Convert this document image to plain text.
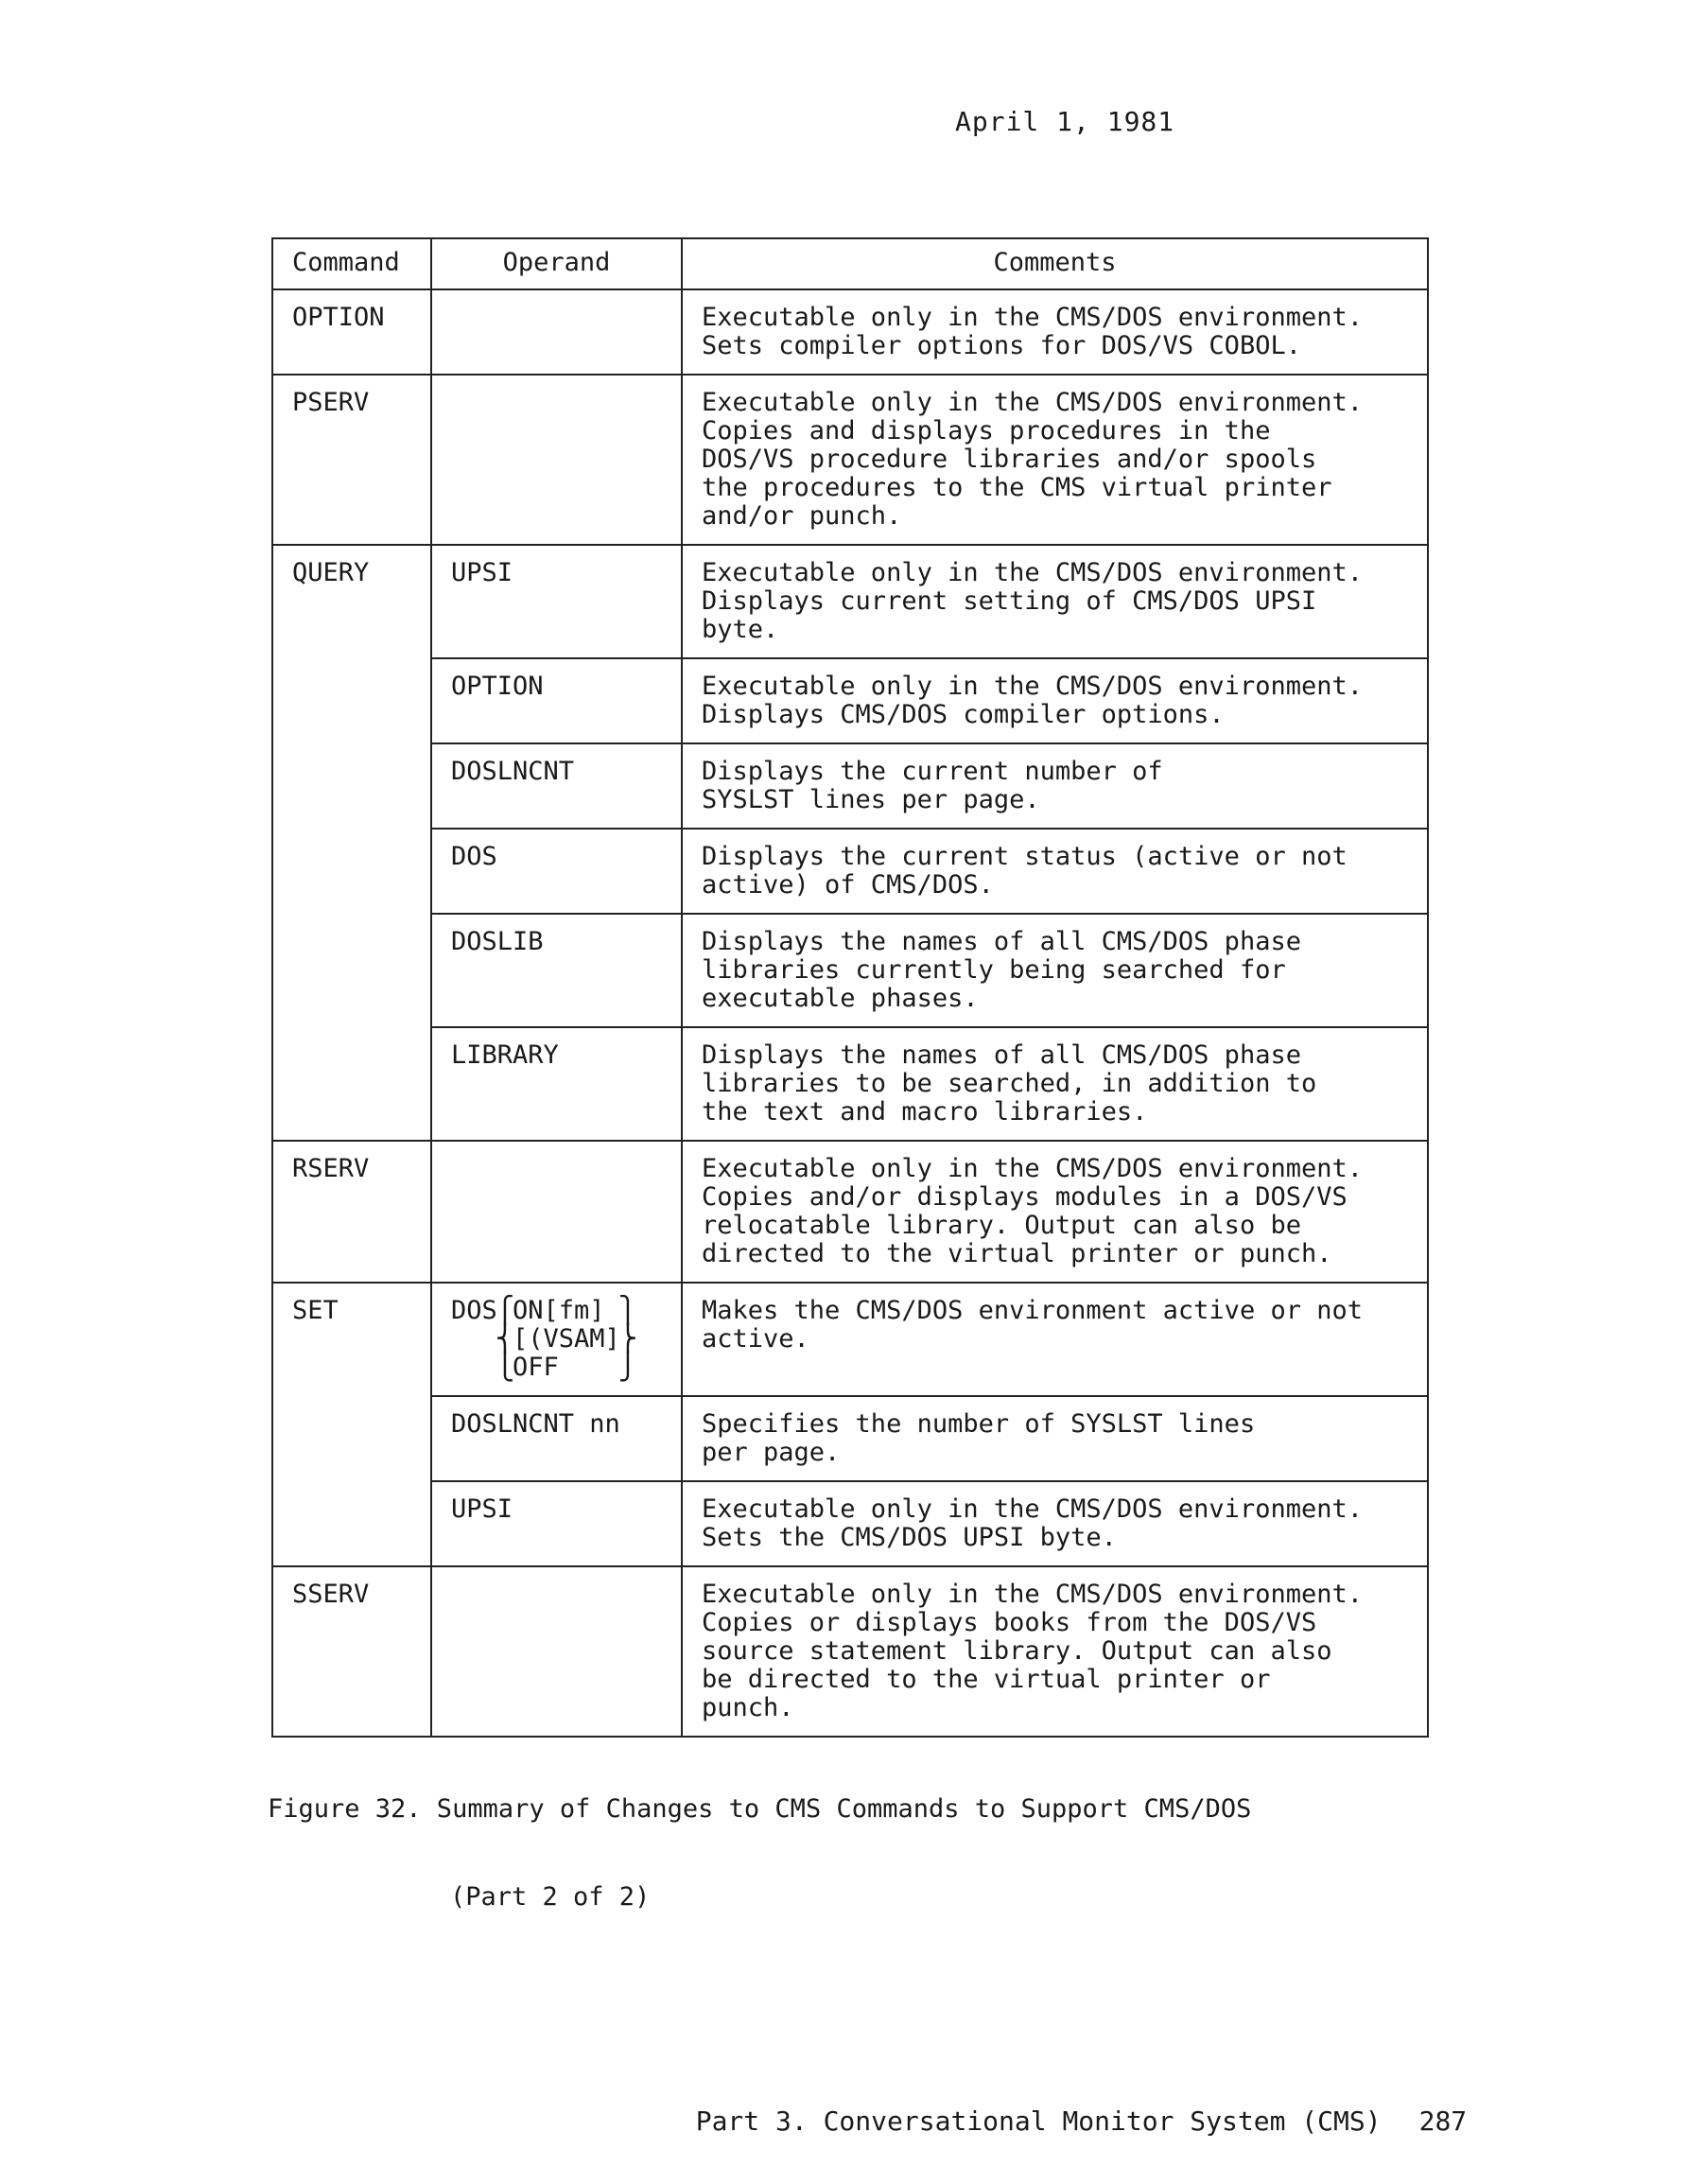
April 1, 1981
Command	Operand	Comments
OPTION		Executable only in the CMS/DOS environment.
Sets compiler options for DOS/VS COBOL.
PSERV		Executable only in the CMS/DOS environment.
Copies and displays procedures in the
DOS/VS procedure libraries and/or spools
the procedures to the CMS virtual printer
and/or punch.
QUERY	UPSI	Executable only in the CMS/DOS environment.
Displays current setting of CMS/DOS UPSI
byte.
	OPTION	Executable only in the CMS/DOS environment.
Displays CMS/DOS compiler options.
	DOSLNCNT	Displays the current number of
SYSLST lines per page.
	DOS	Displays the current status (active or not
active) of CMS/DOS.
	DOSLIB	Displays the names of all CMS/DOS phase
libraries currently being searched for
executable phases.
	LIBRARY	Displays the names of all CMS/DOS phase
libraries to be searched, in addition to
the text and macro libraries.
RSERV		Executable only in the CMS/DOS environment.
Copies and/or displays modules in a DOS/VS
relocatable library. Output can also be
directed to the virtual printer or punch.
SET	DOS⎧ON[fm] ⎫
⎨[(VSAM]⎬
⎩OFF    ⎭	Makes the CMS/DOS environment active or not
active.
	DOSLNCNT nn	Specifies the number of SYSLST lines
per page.
	UPSI	Executable only in the CMS/DOS environment.
Sets the CMS/DOS UPSI byte.
SSERV		Executable only in the CMS/DOS environment.
Copies or displays books from the DOS/VS
source statement library. Output can also
be directed to the virtual printer or
punch.

Figure 32. Summary of Changes to CMS Commands to Support CMS/DOS

(Part 2 of 2)

Part 3. Conversational Monitor System (CMS) 287
